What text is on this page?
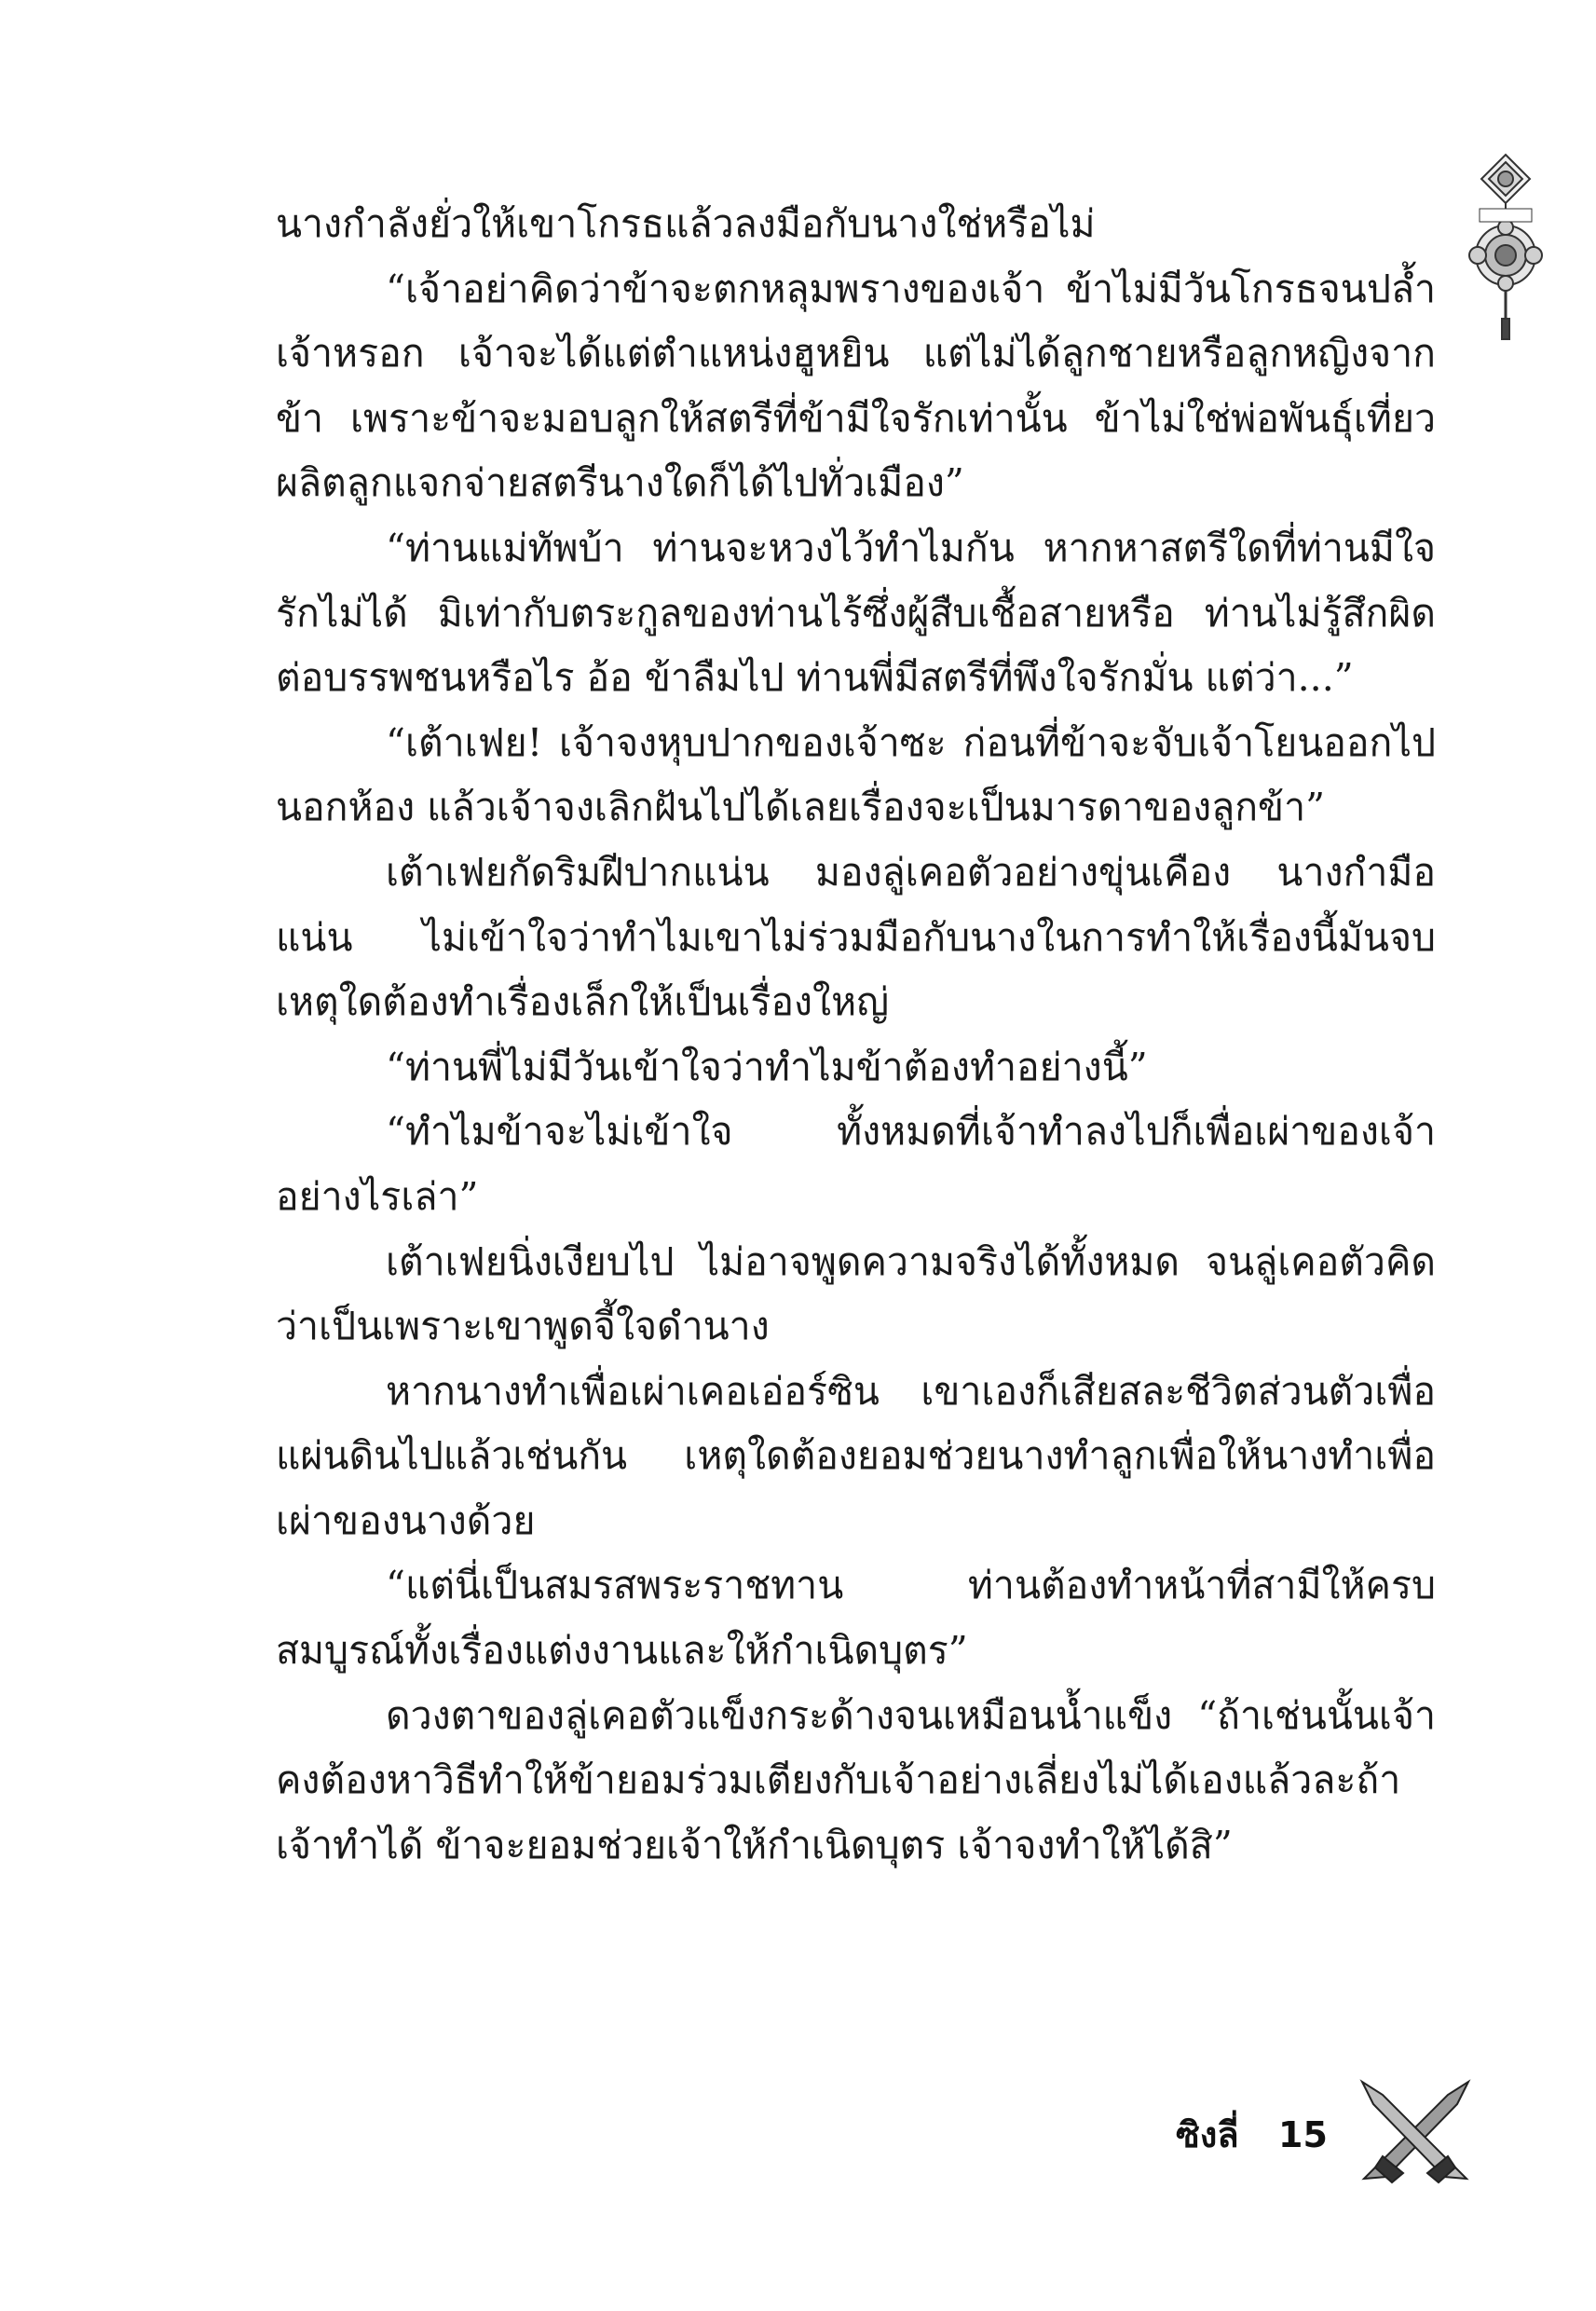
นางกำลังยั่วให้เขาโกรธแล้วลงมือกับนางใช่หรือไม่

“เจ้าอย่าคิดว่าข้าจะตกหลุมพรางของเจ้า ข้าไม่มีวันโกรธจนปล้ำเจ้าหรอก เจ้าจะได้แต่ตำแหน่งฮูหยิน แต่ไม่ได้ลูกชายหรือลูกหญิงจากข้า เพราะข้าจะมอบลูกให้สตรีที่ข้ามีใจรักเท่านั้น ข้าไม่ใช่พ่อพันธุ์เที่ยวผลิตลูกแจกจ่ายสตรีนางใดก็ได้ไปทั่วเมือง”

“ท่านแม่ทัพบ้า ท่านจะหวงไว้ทำไมกัน หากหาสตรีใดที่ท่านมีใจรักไม่ได้ มิเท่ากับตระกูลของท่านไร้ซึ่งผู้สืบเชื้อสายหรือ ท่านไม่รู้สึกผิดต่อบรรพชนหรือไร อ้อ ข้าลืมไป ท่านพี่มีสตรีที่พึงใจรักมั่น แต่ว่า...”

“เต้าเฟย! เจ้าจงหุบปากของเจ้าซะ ก่อนที่ข้าจะจับเจ้าโยนออกไปนอกห้อง แล้วเจ้าจงเลิกฝันไปได้เลยเรื่องจะเป็นมารดาของลูกข้า”

เต้าเฟยกัดริมฝีปากแน่น มองลู่เคอตัวอย่างขุ่นเคือง นางกำมือแน่น ไม่เข้าใจว่าทำไมเขาไม่ร่วมมือกับนางในการทำให้เรื่องนี้มันจบเหตุใดต้องทำเรื่องเล็กให้เป็นเรื่องใหญ่

“ท่านพี่ไม่มีวันเข้าใจว่าทำไมข้าต้องทำอย่างนี้”

“ทำไมข้าจะไม่เข้าใจ ทั้งหมดที่เจ้าทำลงไปก็เพื่อเผ่าของเจ้าอย่างไรเล่า”

เต้าเฟยนิ่งเงียบไป ไม่อาจพูดความจริงได้ทั้งหมด จนลู่เคอตัวคิดว่าเป็นเพราะเขาพูดจี้ใจดำนาง

หากนางทำเพื่อเผ่าเคอเอ่อร์ซิน เขาเองก็เสียสละชีวิตส่วนตัวเพื่อแผ่นดินไปแล้วเช่นกัน เหตุใดต้องยอมช่วยนางทำลูกเพื่อให้นางทำเพื่อเผ่าของนางด้วย

“แต่นี่เป็นสมรสพระราชทาน ท่านต้องทำหน้าที่สามีให้ครบสมบูรณ์ทั้งเรื่องแต่งงานและให้กำเนิดบุตร”

ดวงตาของลู่เคอตัวแข็งกระด้างจนเหมือนน้ำแข็ง “ถ้าเช่นนั้นเจ้าคงต้องหาวิธีทำให้ข้ายอมร่วมเตียงกับเจ้าอย่างเลี่ยงไม่ได้เองแล้วละถ้าเจ้าทำได้ ข้าจะยอมช่วยเจ้าให้กำเนิดบุตร เจ้าจงทำให้ได้สิ”

ซิงลี่ 15
